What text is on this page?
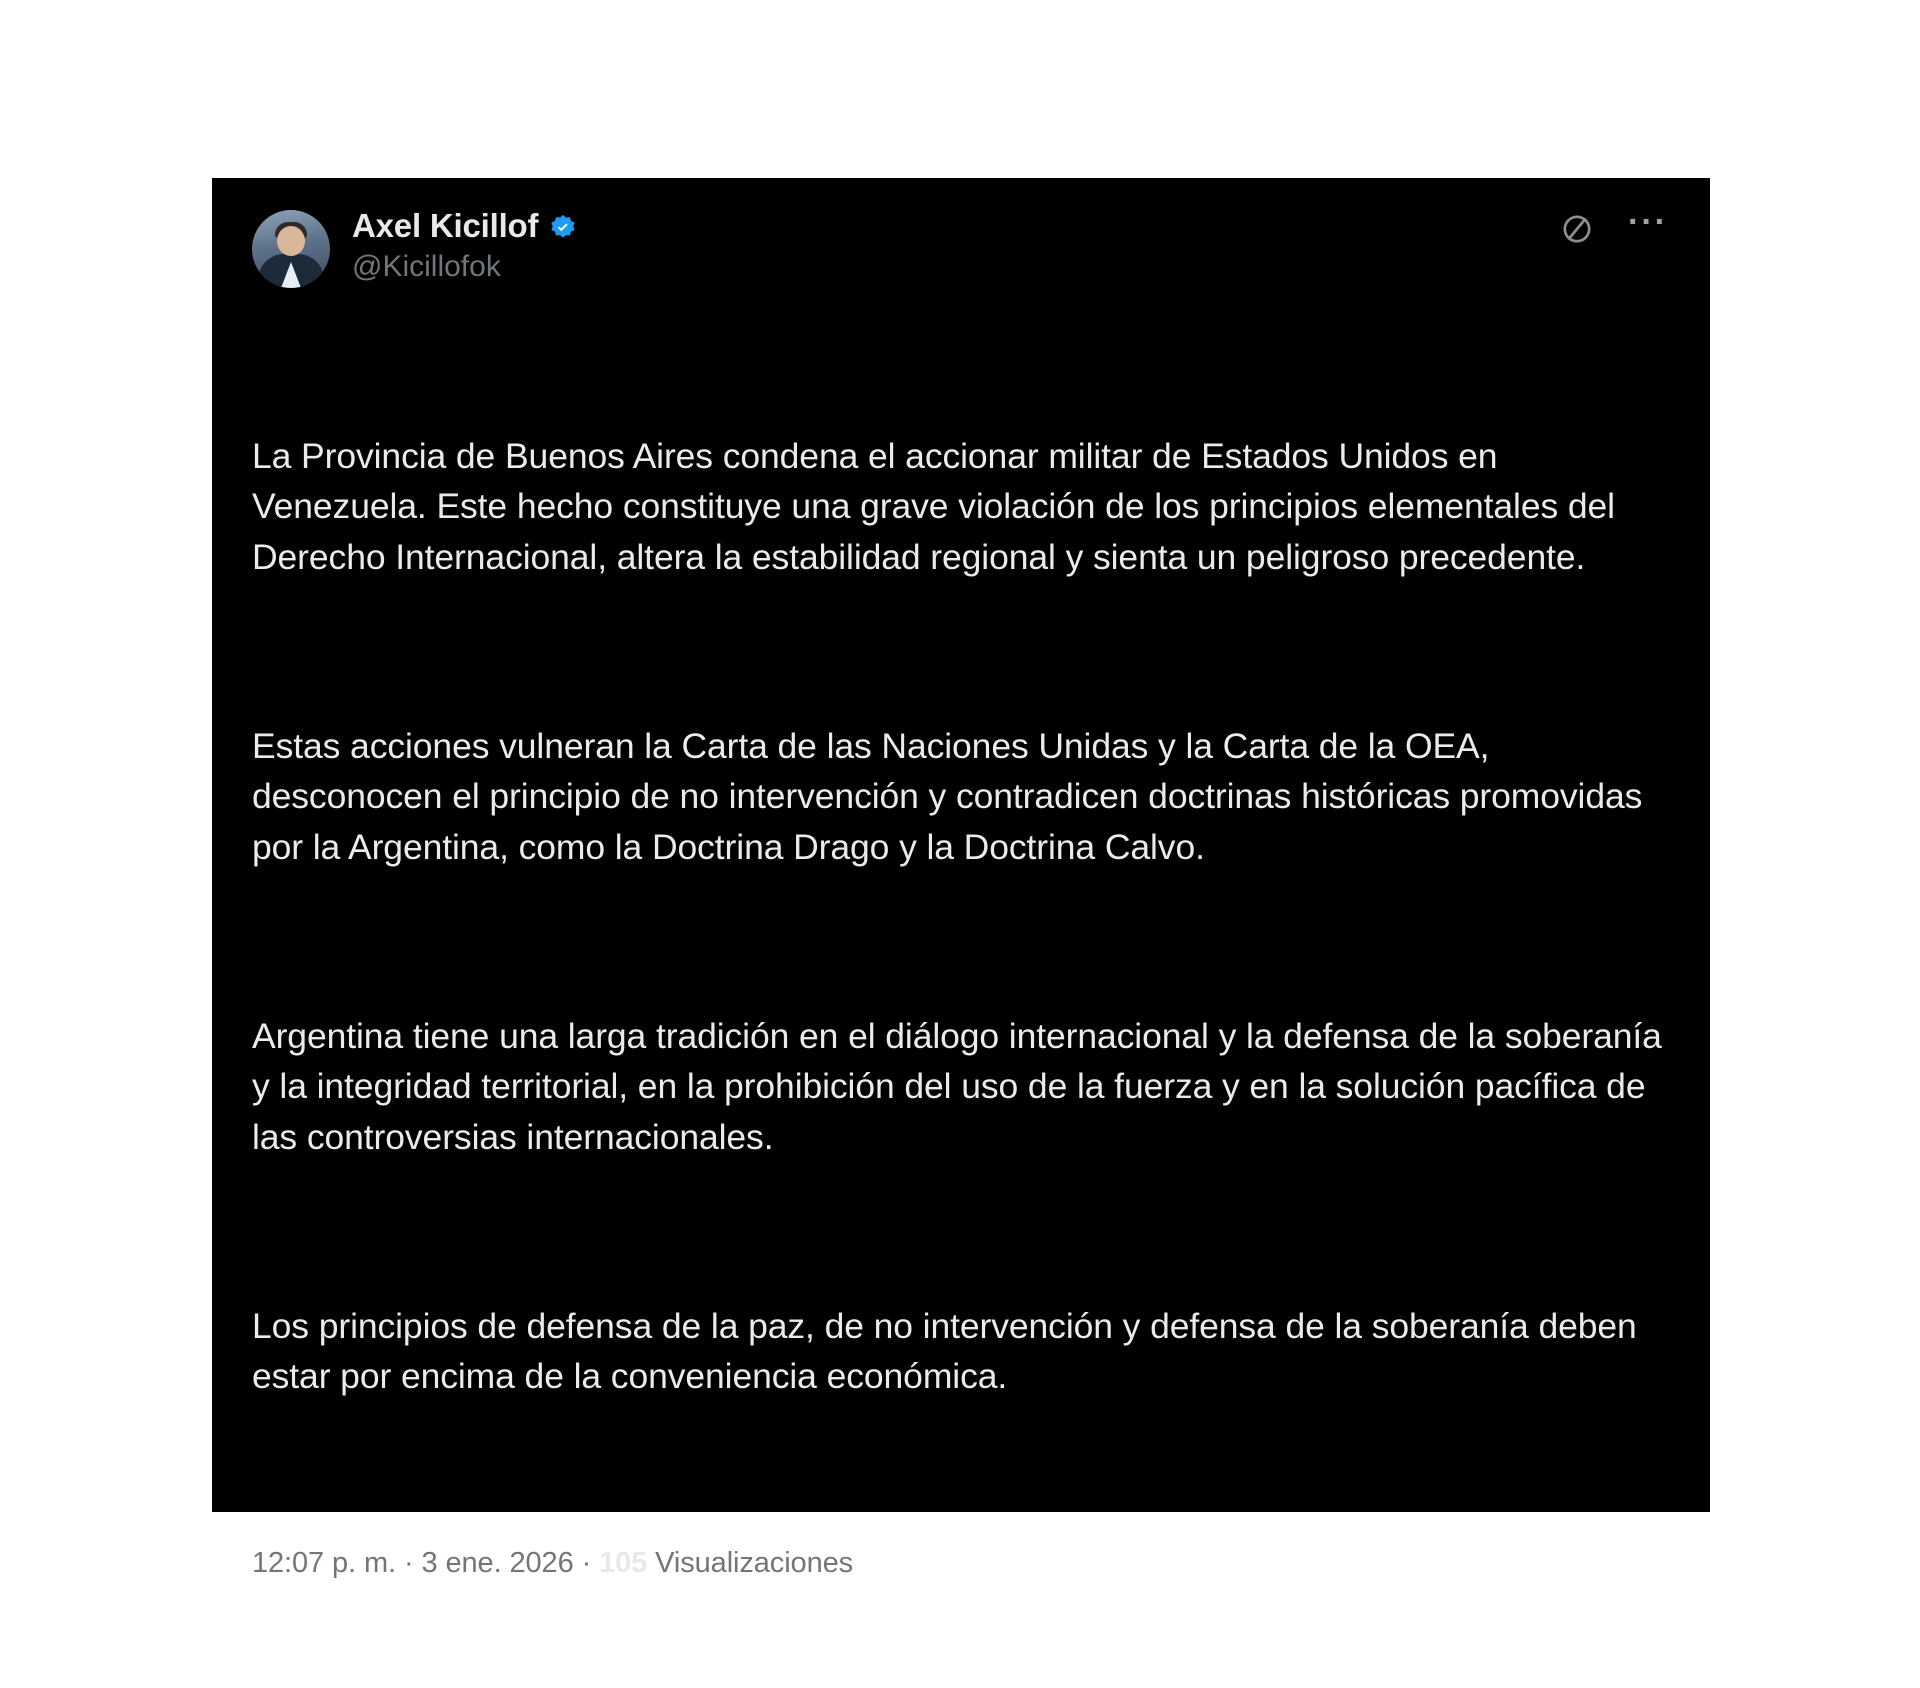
Axel Kicillof
@Kicillofok
···

La Provincia de Buenos Aires condena el accionar militar de Estados Unidos en Venezuela. Este hecho constituye una grave violación de los principios elementales del Derecho Internacional, altera la estabilidad regional y sienta un peligroso precedente.

Estas acciones vulneran la Carta de las Naciones Unidas y la Carta de la OEA, desconocen el principio de no intervención y contradicen doctrinas históricas promovidas por la Argentina, como la Doctrina Drago y la Doctrina Calvo.

Argentina tiene una larga tradición en el diálogo internacional y la defensa de la soberanía y la integridad territorial, en la prohibición del uso de la fuerza y en la solución pacífica de las controversias internacionales.

Los principios de defensa de la paz, de no intervención y defensa de la soberanía deben estar por encima de la conveniencia económica.

12:07 p. m. · 3 ene. 2026 · 105 Visualizaciones
